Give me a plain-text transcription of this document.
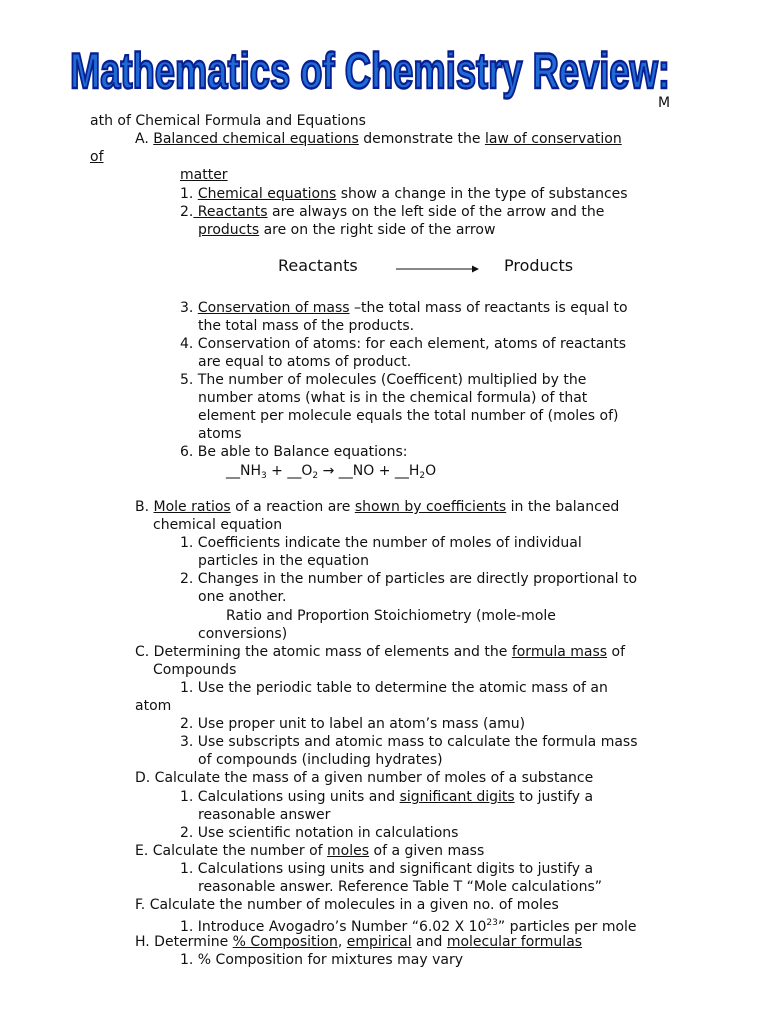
Mathematics of Chemistry Review:
M
ath of Chemical Formula and Equations
A. Balanced chemical equations demonstrate the law of conservation
of
matter
1. Chemical equations show a change in the type of substances
2. Reactants are always on the left side of the arrow and the
products are on the right side of the arrow
Reactants	Products
3. Conservation of mass –the total mass of reactants is equal to
the total mass of the products.
4. Conservation of atoms: for each element, atoms of reactants
are equal to atoms of product.
5. The number of molecules (Coefficent) multiplied by the
number atoms (what is in the chemical formula) of that
element per molecule equals the total number of (moles of)
atoms
6. Be able to Balance equations:
$\_\_NH_3$ + $\_\_O_2$ → __NO + $\_\_H_2O$
B. Mole ratios of a reaction are shown by coefficients in the balanced
chemical equation
1. Coefficients indicate the number of moles of individual
particles in the equation
2. Changes in the number of particles are directly proportional to
one another.
Ratio and Proportion Stoichiometry (mole-mole
conversions)
C. Determining the atomic mass of elements and the formula mass of
Compounds
1. Use the periodic table to determine the atomic mass of an
atom
2. Use proper unit to label an atom’s mass (amu)
3. Use subscripts and atomic mass to calculate the formula mass
of compounds (including hydrates)
D. Calculate the mass of a given number of moles of a substance
1. Calculations using units and significant digits to justify a
reasonable answer
2. Use scientific notation in calculations
E. Calculate the number of moles of a given mass
1. Calculations using units and significant digits to justify a
reasonable answer. Reference Table T “Mole calculations”
F. Calculate the number of molecules in a given no. of moles
1. Introduce Avogadro’s Number “6.02 X $10^{23}$” particles per mole
H. Determine % Composition, empirical and molecular formulas
1. % Composition for mixtures may vary
